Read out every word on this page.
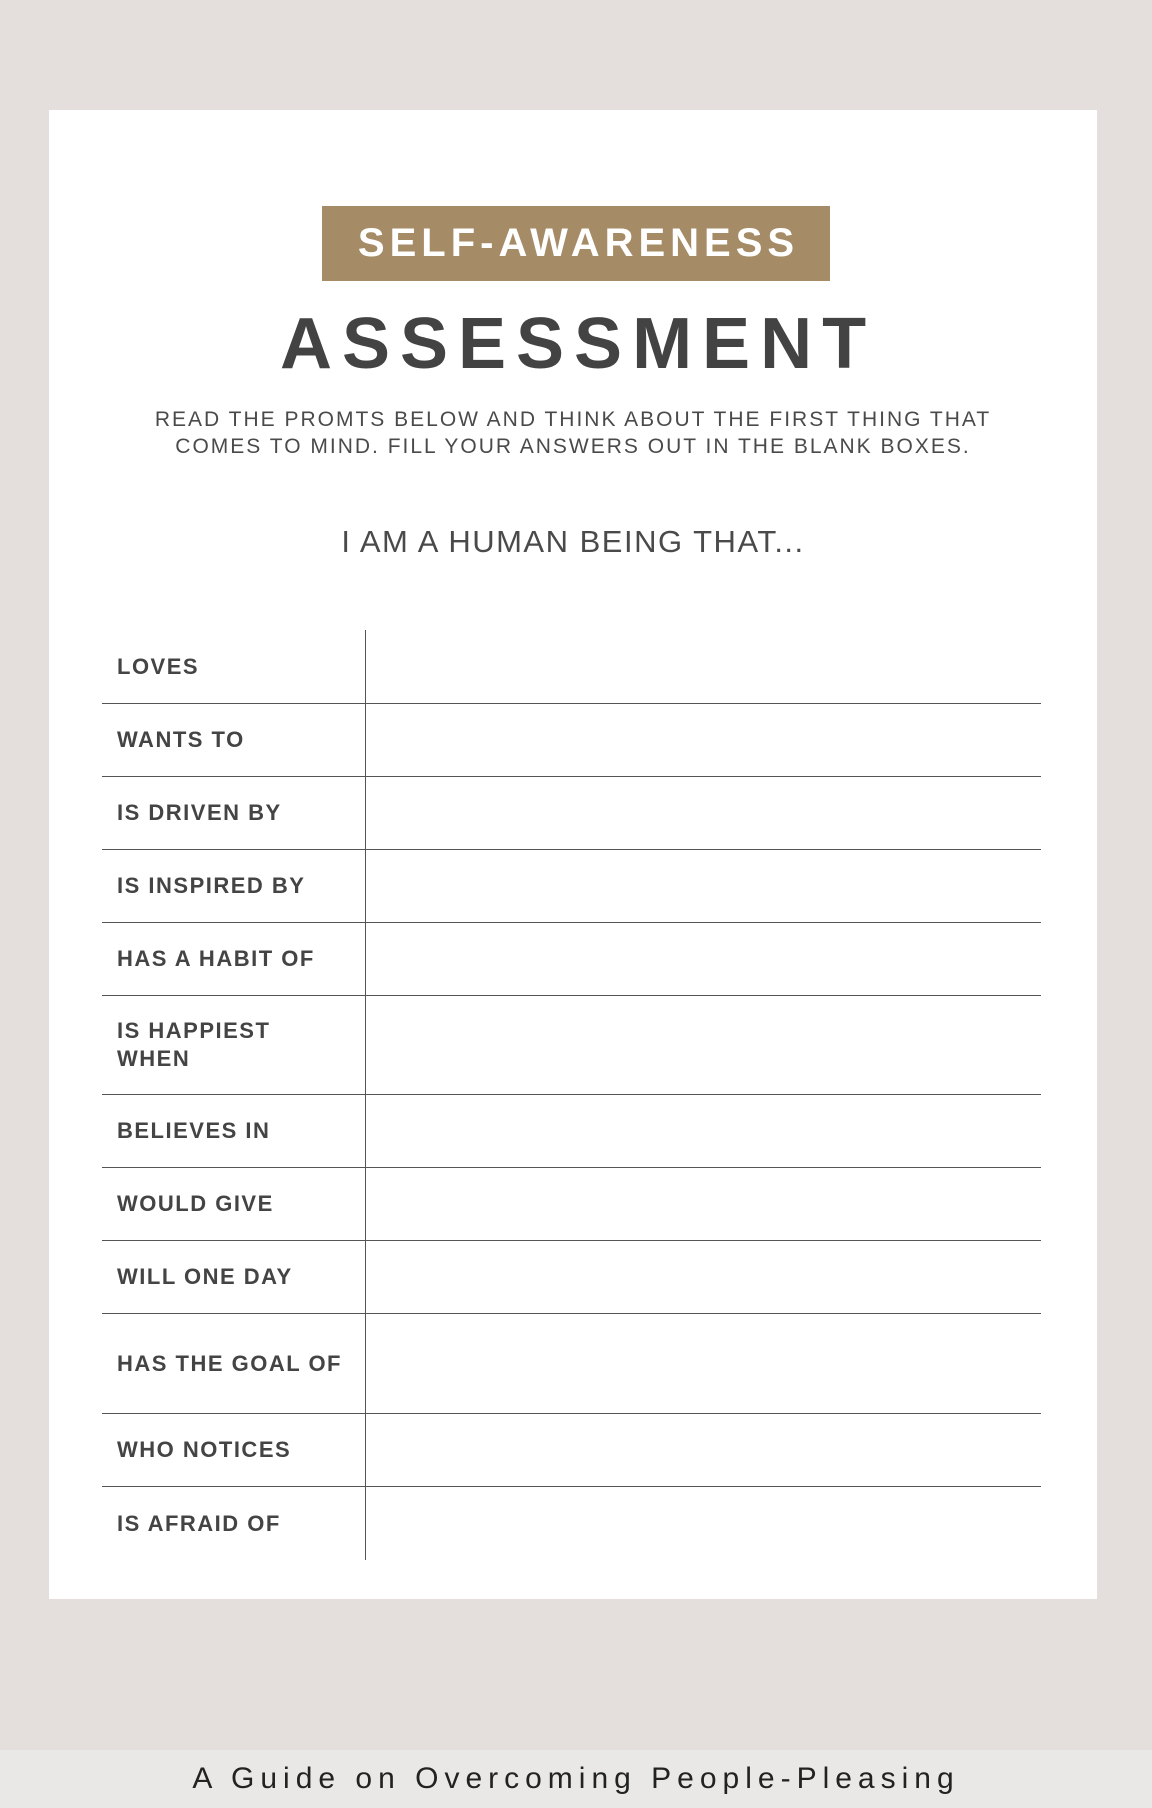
SELF-AWARENESS
ASSESSMENT
READ THE PROMTS BELOW AND THINK ABOUT THE FIRST THING THAT
COMES TO MIND. FILL YOUR ANSWERS OUT IN THE BLANK BOXES.
I AM A HUMAN BEING THAT...
LOVES
WANTS TO
IS DRIVEN BY
IS INSPIRED BY
HAS A HABIT OF
IS HAPPIEST WHEN
BELIEVES IN
WOULD GIVE
WILL ONE DAY
HAS THE GOAL OF
WHO NOTICES
IS AFRAID OF
A Guide on Overcoming People-Pleasing
